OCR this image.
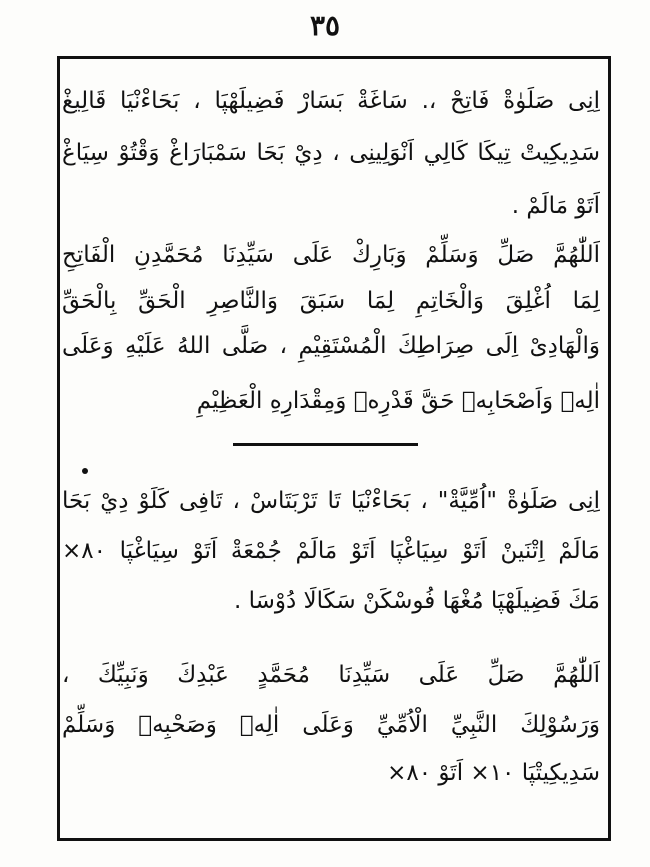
٣٥
اِنِى صَلَوٰةْ فَاتِحْ ،. سَاغَةْ بَسَارْ فَضِيلَهْپَا ، بَحَاءْنْيَا قَالِيغْ
سَدِيكِيتْ تِيكَا كَالِي اَنْوَلِينِى ، دِيْ بَحَا سَمْبَارَاغْ وَقْتُوْ سِيَاغْ
اَتَوْ مَالَمْ .
اَللّٰهُمَّ صَلِّ وَسَلِّمْ وَبَارِكْ عَلَى سَيِّدِنَا مُحَمَّدِنِ الْفَاتِحِ
لِمَا اُغْلِقَ وَالْخَاتِمِ لِمَا سَبَقَ وَالنَّاصِرِ الْحَقِّ بِالْحَقِّ
وَالْهَادِىْ اِلَى صِرَاطِكَ الْمُسْتَقِيْمِ ، صَلَّى اللهُ عَلَيْهِ وَعَلَى
اٰلِهٖ وَاَصْحَابِهٖ حَقَّ قَدْرِهٖ وَمِقْدَارِهِ الْعَظِيْمِ
اِنِى صَلَوٰةْ "اُمِّيَّةْ" ، بَحَاءْنْيَا تَا تَرْبَتَاسْ ، تَافِى كَلَوْ دِيْ بَحَا
مَالَمْ اِتْنَينْ اَتَوْ سِيَاغْپَا اَتَوْ مَالَمْ جُمْعَةْ اَتَوْ سِيَاغْپَا ٨٠×
مَكَ فَضِيلَهْپَا مُغْهَا فُوسْكَنْ سَكَالَا دُوْسَا .
اَللّٰهُمَّ صَلِّ عَلَى سَيِّدِنَا مُحَمَّدٍ عَبْدِكَ وَنَبِيِّكَ ،
وَرَسُوْلِكَ النَّبِيِّ الْاُمِّيِّ وَعَلَى اٰلِهٖ وَصَحْبِهٖ وَسَلِّمْ
سَدِيكِيتْپَا ١٠× اَتَوْ ٨٠×
